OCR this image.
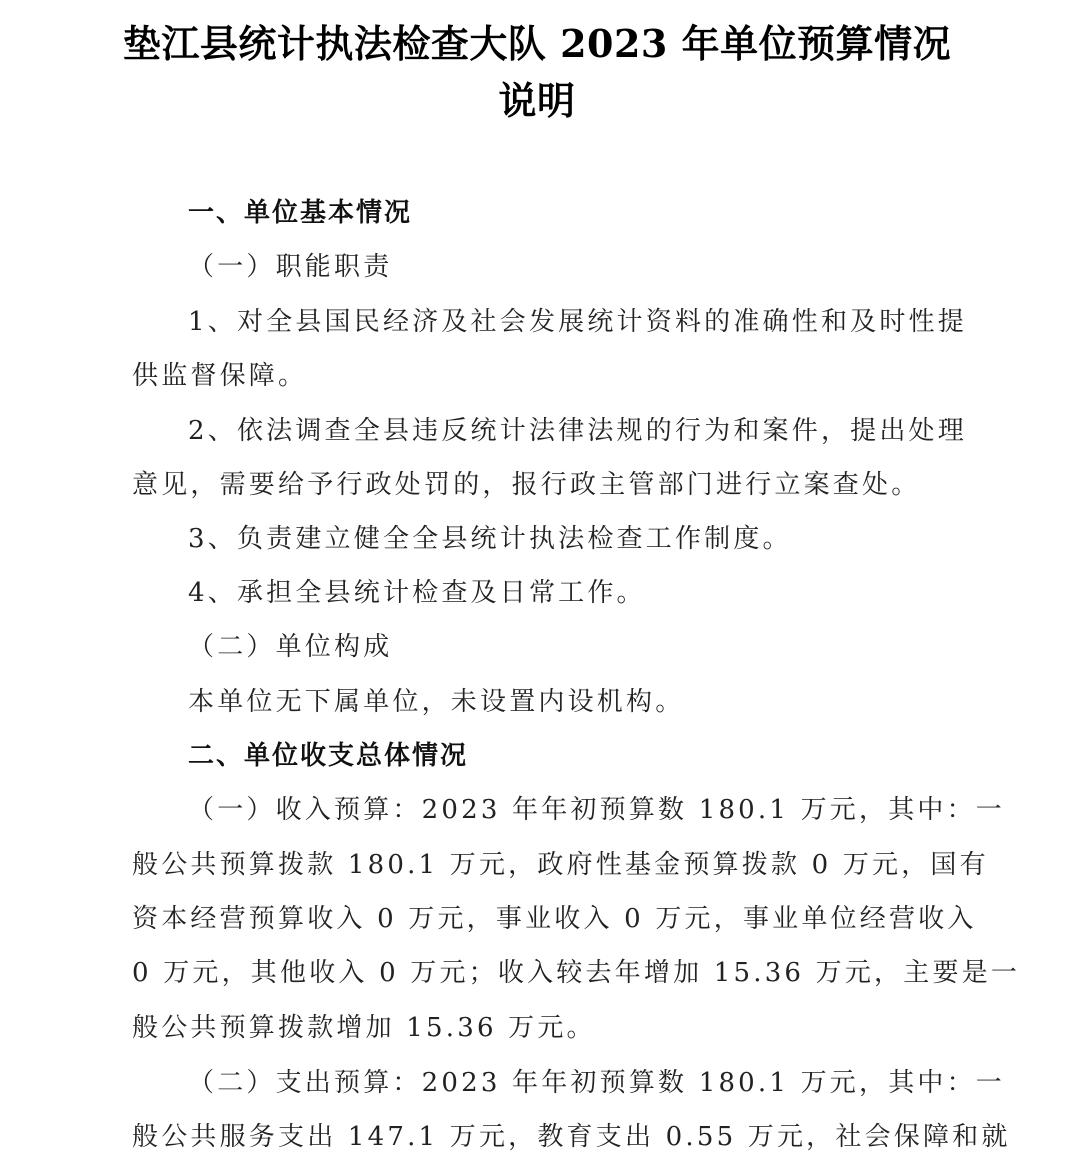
垫江县统计执法检查大队 2023 年单位预算情况
说明
一、单位基本情况
（一）职能职责
1、对全县国民经济及社会发展统计资料的准确性和及时性提
供监督保障。
2、依法调查全县违反统计法律法规的行为和案件，提出处理
意见，需要给予行政处罚的，报行政主管部门进行立案查处。
3、负责建立健全全县统计执法检查工作制度。
4、承担全县统计检查及日常工作。
（二）单位构成
本单位无下属单位，未设置内设机构。
二、单位收支总体情况
（一）收入预算：2023 年年初预算数 180.1 万元，其中：一
般公共预算拨款 180.1 万元，政府性基金预算拨款 0 万元，国有
资本经营预算收入 0 万元，事业收入 0 万元，事业单位经营收入
0 万元，其他收入 0 万元；收入较去年增加 15.36 万元，主要是一
般公共预算拨款增加 15.36 万元。
（二）支出预算：2023 年年初预算数 180.1 万元，其中：一
般公共服务支出 147.1 万元，教育支出 0.55 万元，社会保障和就
